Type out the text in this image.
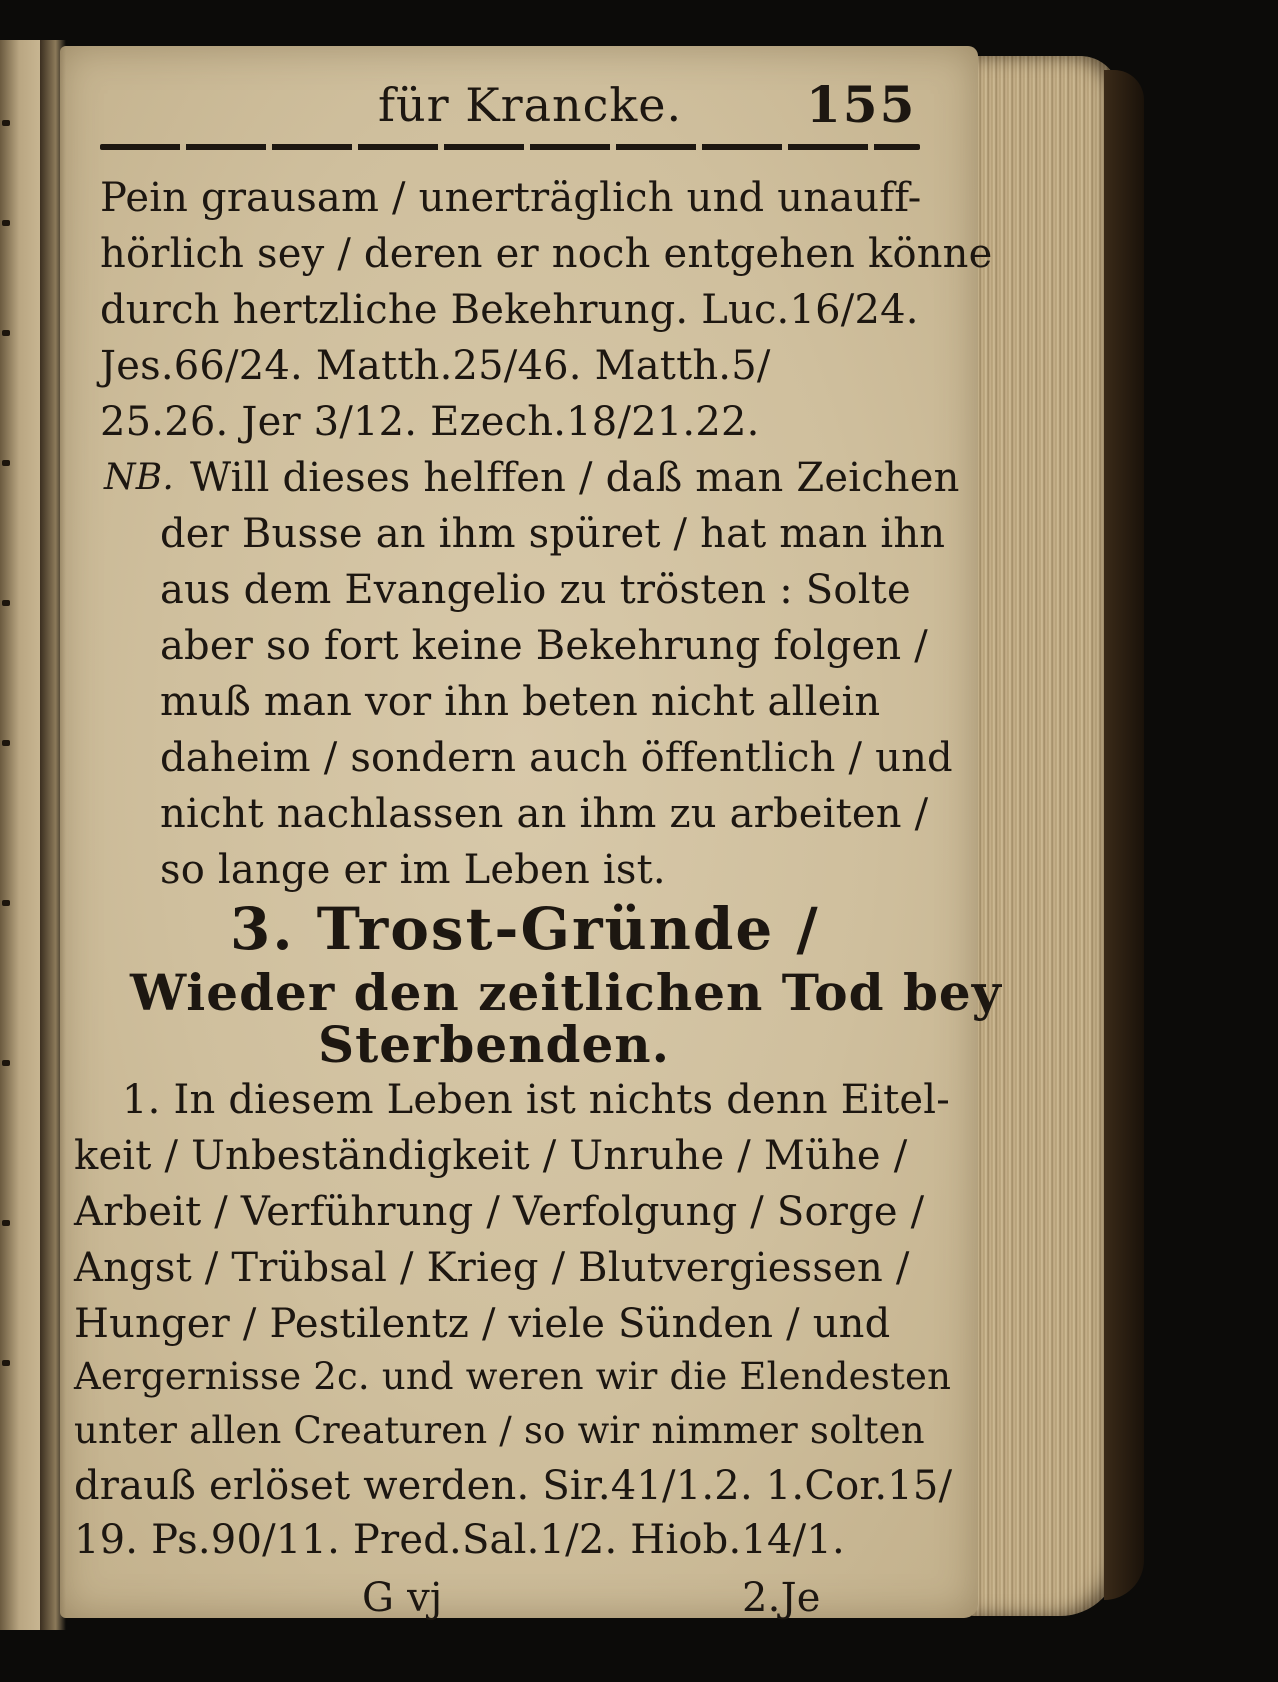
für Krancke. 155
Pein grausam / unerträglich und unauff-
hörlich sey / deren er noch entgehen könne
durch hertzliche Bekehrung. Luc.16/24.
Jes.66/24. Matth.25/46. Matth.5/
25.26. Jer 3/12. Ezech.18/21.22.
NB. Will dieses helffen / daß man Zeichen
der Busse an ihm spüret / hat man ihn
aus dem Evangelio zu trösten : Solte
aber so fort keine Bekehrung folgen /
muß man vor ihn beten nicht allein
daheim / sondern auch öffentlich / und
nicht nachlassen an ihm zu arbeiten /
so lange er im Leben ist.
3. Trost-Gründe /
Wieder den zeitlichen Tod bey
Sterbenden.
1. In diesem Leben ist nichts denn Eitel-
keit / Unbeständigkeit / Unruhe / Mühe /
Arbeit / Verführung / Verfolgung / Sorge /
Angst / Trübsal / Krieg / Blutvergiessen /
Hunger / Pestilentz / viele Sünden / und
Aergernisse 2c. und weren wir die Elendesten
unter allen Creaturen / so wir nimmer solten
drauß erlöset werden. Sir.41/1.2. 1.Cor.15/
19. Ps.90/11. Pred.Sal.1/2. Hiob.14/1.
G vj	2.Je
